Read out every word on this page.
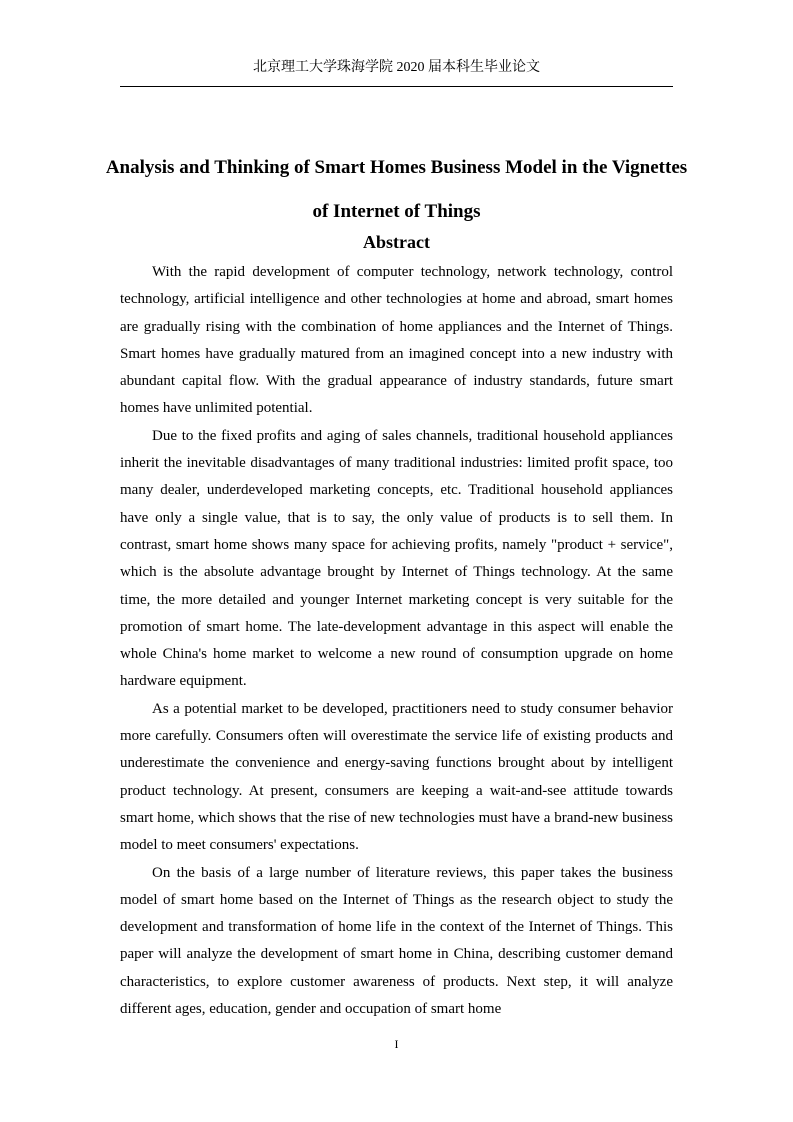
北京理工大学珠海学院 2020 届本科生毕业论文
Analysis and Thinking of Smart Homes Business Model in the Vignettes of Internet of Things
Abstract

With the rapid development of computer technology, network technology, control technology, artificial intelligence and other technologies at home and abroad, smart homes are gradually rising with the combination of home appliances and the Internet of Things. Smart homes have gradually matured from an imagined concept into a new industry with abundant capital flow. With the gradual appearance of industry standards, future smart homes have unlimited potential.

Due to the fixed profits and aging of sales channels, traditional household appliances inherit the inevitable disadvantages of many traditional industries: limited profit space, too many dealer, underdeveloped marketing concepts, etc. Traditional household appliances have only a single value, that is to say, the only value of products is to sell them. In contrast, smart home shows many space for achieving profits, namely "product + service", which is the absolute advantage brought by Internet of Things technology. At the same time, the more detailed and younger Internet marketing concept is very suitable for the promotion of smart home. The late-development advantage in this aspect will enable the whole China's home market to welcome a new round of consumption upgrade on home hardware equipment.

As a potential market to be developed, practitioners need to study consumer behavior more carefully. Consumers often will overestimate the service life of existing products and underestimate the convenience and energy-saving functions brought about by intelligent product technology. At present, consumers are keeping a wait-and-see attitude towards smart home, which shows that the rise of new technologies must have a brand-new business model to meet consumers' expectations.

On the basis of a large number of literature reviews, this paper takes the business model of smart home based on the Internet of Things as the research object to study the development and transformation of home life in the context of the Internet of Things. This paper will analyze the development of smart home in China, describing customer demand characteristics, to explore customer awareness of products. Next step, it will analyze different ages, education, gender and occupation of smart home

I
